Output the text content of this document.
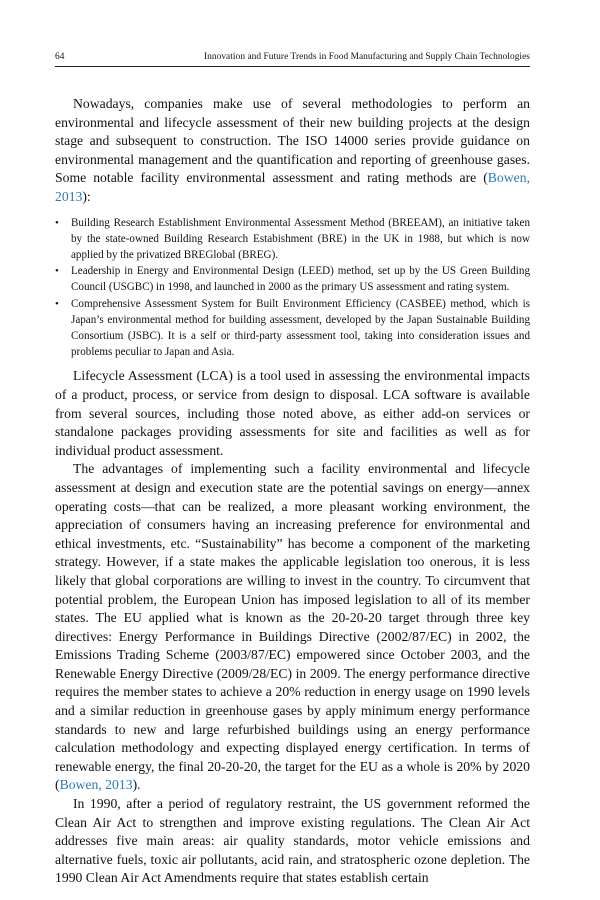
64	Innovation and Future Trends in Food Manufacturing and Supply Chain Technologies

Nowadays, companies make use of several methodologies to perform an environmental and lifecycle assessment of their new building projects at the design stage and subsequent to construction. The ISO 14000 series provide guidance on environmental management and the quantification and reporting of greenhouse gases. Some notable facility environmental assessment and rating methods are (Bowen, 2013):

• Building Research Establishment Environmental Assessment Method (BREEAM), an initiative taken by the state-owned Building Research Estabishment (BRE) in the UK in 1988, but which is now applied by the privatized BREGlobal (BREG).
• Leadership in Energy and Environmental Design (LEED) method, set up by the US Green Building Council (USGBC) in 1998, and launched in 2000 as the primary US assessment and rating system.
• Comprehensive Assessment System for Built Environment Efficiency (CASBEE) method, which is Japan’s environmental method for building assessment, developed by the Japan Sustainable Building Consortium (JSBC). It is a self or third-party assessment tool, taking into consideration issues and problems peculiar to Japan and Asia.

Lifecycle Assessment (LCA) is a tool used in assessing the environmental impacts of a product, process, or service from design to disposal. LCA software is available from several sources, including those noted above, as either add-on services or standalone packages providing assessments for site and facilities as well as for individual product assessment.

The advantages of implementing such a facility environmental and lifecycle assessment at design and execution state are the potential savings on energy—annex operating costs—that can be realized, a more pleasant working environment, the appreciation of consumers having an increasing preference for environmental and ethical investments, etc. “Sustainability” has become a component of the marketing strategy. However, if a state makes the applicable legislation too onerous, it is less likely that global corporations are willing to invest in the country. To circumvent that potential problem, the European Union has imposed legislation to all of its member states. The EU applied what is known as the 20-20-20 target through three key directives: Energy Performance in Buildings Directive (2002/87/EC) in 2002, the Emissions Trading Scheme (2003/87/EC) empowered since October 2003, and the Renewable Energy Directive (2009/28/EC) in 2009. The energy performance directive requires the member states to achieve a 20% reduction in energy usage on 1990 levels and a similar reduction in greenhouse gases by apply minimum energy performance standards to new and large refurbished buildings using an energy performance calculation methodology and expecting displayed energy certification. In terms of renewable energy, the final 20-20-20, the target for the EU as a whole is 20% by 2020 (Bowen, 2013).

In 1990, after a period of regulatory restraint, the US government reformed the Clean Air Act to strengthen and improve existing regulations. The Clean Air Act addresses five main areas: air quality standards, motor vehicle emissions and alternative fuels, toxic air pollutants, acid rain, and stratospheric ozone depletion. The 1990 Clean Air Act Amendments require that states establish certain
